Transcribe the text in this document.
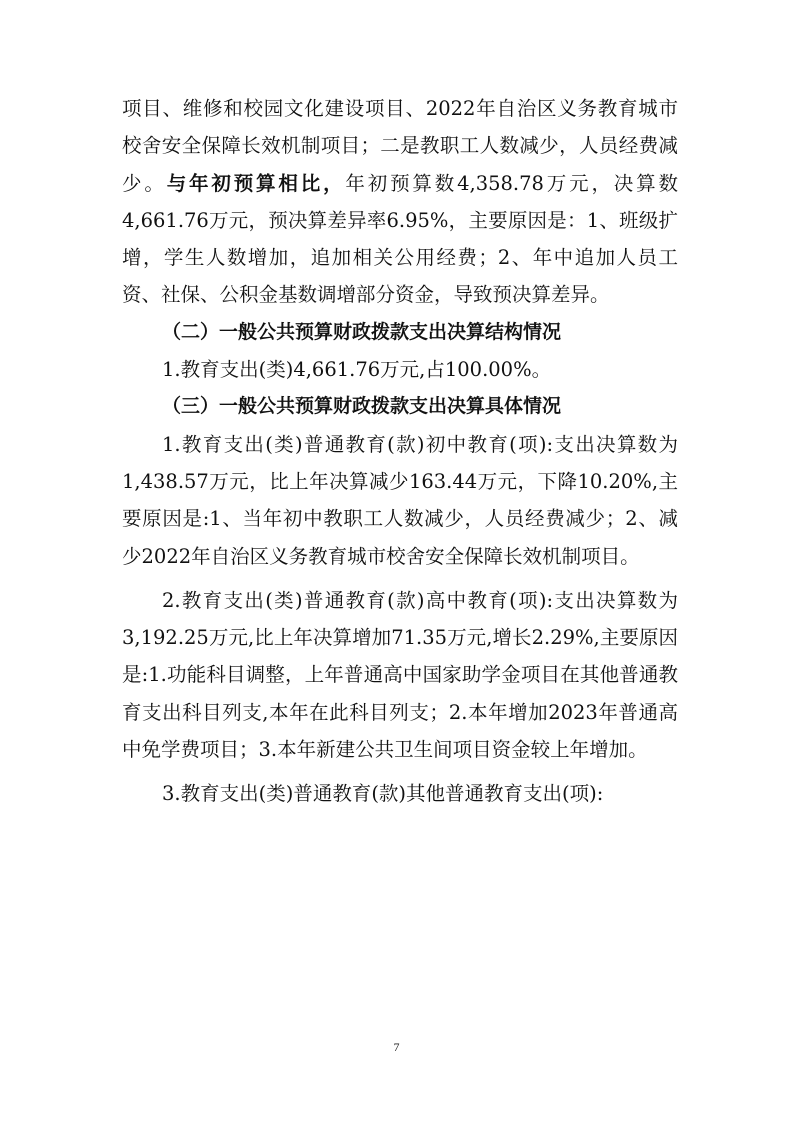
项目、维修和校园文化建设项目、2022年自治区义务教育城市校舍安全保障长效机制项目；二是教职工人数减少，人员经费减少。与年初预算相比，年初预算数4,358.78万元，决算数4,661.76万元，预决算差异率6.95%，主要原因是：1、班级扩增，学生人数增加，追加相关公用经费；2、年中追加人员工资、社保、公积金基数调增部分资金，导致预决算差异。

（二）一般公共预算财政拨款支出决算结构情况

1.教育支出(类)4,661.76万元,占100.00%。

（三）一般公共预算财政拨款支出决算具体情况

1.教育支出(类)普通教育(款)初中教育(项):支出决算数为1,438.57万元，比上年决算减少163.44万元，下降10.20%,主要原因是:1、当年初中教职工人数减少，人员经费减少；2、减少2022年自治区义务教育城市校舍安全保障长效机制项目。

2.教育支出(类)普通教育(款)高中教育(项):支出决算数为3,192.25万元,比上年决算增加71.35万元,增长2.29%,主要原因是:1.功能科目调整，上年普通高中国家助学金项目在其他普通教育支出科目列支,本年在此科目列支；2.本年增加2023年普通高中免学费项目；3.本年新建公共卫生间项目资金较上年增加。

3.教育支出(类)普通教育(款)其他普通教育支出(项):

7
